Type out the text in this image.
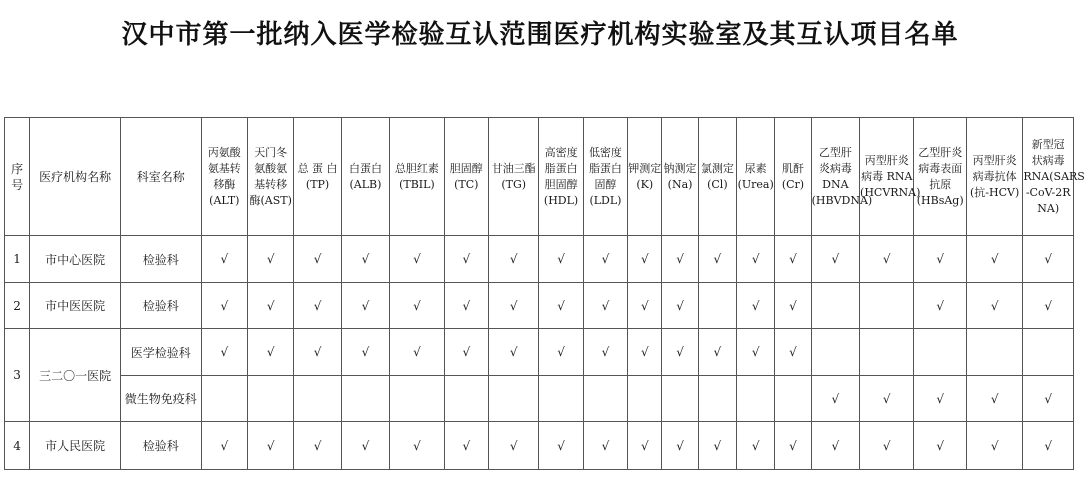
汉中市第一批纳入医学检验互认范围医疗机构实验室及其互认项目名单
序
号	医疗机构名称	科室名称	丙氨酸
氨基转
移酶
(ALT)	天门冬
氨酸氨
基转移
酶(AST)	总 蛋 白
(TP)	白蛋白
(ALB)	总胆红素
(TBIL)	胆固醇
(TC)	甘油三酯
(TG)	高密度
脂蛋白
胆固醇
(HDL)	低密度
脂蛋白
固醇
(LDL)	钾测定
(K)	钠测定
(Na)	氯测定
(Cl)	尿素
(Urea)	肌酐
(Cr)	乙型肝
炎病毒
DNA
(HBVDNA)	丙型肝炎
病毒 RNA
(HCVRNA)	乙型肝炎
病毒表面
抗原
(HBsAg)	丙型肝炎
病毒抗体
(抗-HCV)	新型冠
状病毒
RNA(SARS
-CoV-2R
NA)

1	市中心医院	检验科	√	√	√	√	√	√	√	√	√	√	√	√	√	√	√	√	√	√	√
2	市中医医院	检验科	√	√	√	√	√	√	√	√	√	√	√		√	√			√	√	√
3	三二〇一医院	医学检验科	√	√	√	√	√	√	√	√	√	√	√	√	√	√					
		微生物免疫科															√	√	√	√	√
4	市人民医院	检验科	√	√	√	√	√	√	√	√	√	√	√	√	√	√	√	√	√	√	√
